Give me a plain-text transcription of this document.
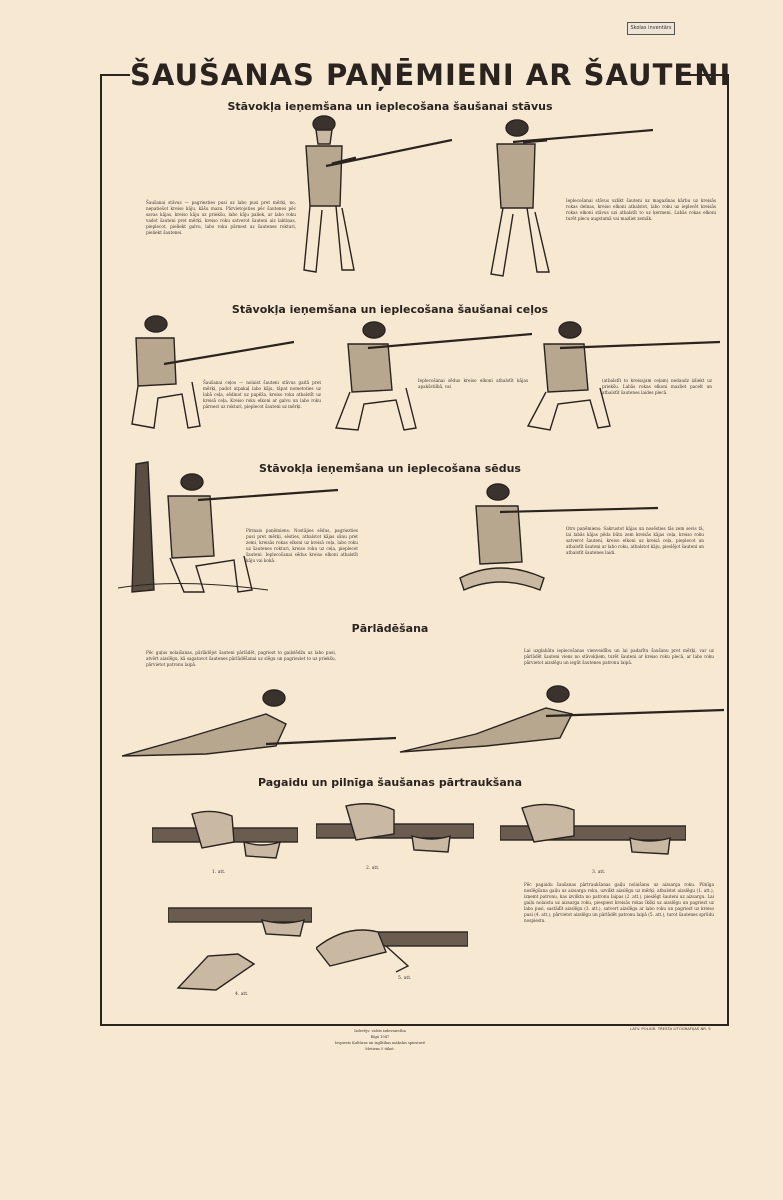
Skolas inventārs
ŠAUŠANAS PAŅĒMIENI AR ŠAUTENI
Stāvokļa ieņemšana un ieplecošana šaušanai stāvus
Šaušanai stāvus — pagriezties pusi uz labo pusi pret mērķi, no, nepatiešot kreiso kāju, kāšu mazu. Pārvietojoties pēc šautenes pēc savas kājas, kreiso kāju uz priekšu, labo kāju paliek, ar labo roku vadot šauteni pret mērķi, kreiso roku satverot šauteni aiz laktiņas, pieplecot, pieliekt galvu, labo roku pārnest uz šautenes rokturi, pieliekt šautenei.
Ieplecošanai stāvus uzlikt šauteni uz magazīnas kārbu uz kreisās rokas delnas, kreiso elkoni atbalstot, labo roku uz ieplecēt kreisās rokas elkoni stāvus uzi atbalstīt to uz ķermeni. Labās rokas elkoni turēt plecu augstumā vai mazliet zemāk.
Stāvokļa ieņemšana un ieplecošana šaušanai ceļos
Šaušanai ceļos — nolaist šauteni stāvus gaitā pret mērķi, padot atpakaļ labo kāju, tāpat nometoties uz labā ceļa, sēdinot uz papēža, kreiso roku atbalstīt uz kreisā ceļa. Kreiso roku elkoni ar galvu un labo roku pārnest uz rokturi, pieplecot šauteni uz mērķi.
Ieplecošanai sēdus kreiso elkoni atbalstīt kājas apakšstilbā, vai
(atbalstīt to kreisajam ceļam) nedaudz izliekt uz priekšu. Labās rokas elkoni mazliet pacelt un atbalstīt šautenes laides plecā.
Stāvokļa ieņemšana un ieplecošana sēdus
Pirmais paņēmiens: Nostājies sēdus, pagriezties pusi pret mērķi, sēsties, atbalstot kājas sānu pret zemi, kreisās rokas elkoni uz kreisā ceļa, labo roku uz šautenes rokturi, kreiso roku uz ceļa, pieplecot šauteni. Ieplecošanai sēdus kreiso elkoni atbalstīt kāju vai kokā.
Otrs paņēmiens: Sakrustot kājas un nosēsties tās zem sevis tā, lai labās kājas pēda būtu zem kreisās kājas ceļa, kreiso roku satverot šauteni, kreiso elkoni uz kreisā ceļa, pieplecot un atbalstīt šauteni ar labo roku, atbalstot kāju, pieslējot šauteni un atbalstīt šautenes laidi.
Pārlādēšana
Pēc guļus nolaišanas, pārlādējot šauteni pārlādēt, pagriezt to gaiļslēdžu uz labo pusi, atvērt aizslēgu, kā sagatavot šautenes pārlādēšanai uz slēgu un pagrieziet to uz priekšu, pārvietot patronu laipā.
Lai uzglabātu ieplecošanas vienveidību un lai padarītu šaušanu pret mērķi, var uz pārlādēt šauteni viens no stāvokļiem, turēt šauteni ar kreiso roku plecā, ar labo roku pārvietot aizslēgu un iegūt šautenes patronu laipā.
Pagaidu un pilnīga šaušanas pārtraukšana
1. att.
2. att.
3. att.
4. att.
5. att.
Pēc pagaidu šaušanas pārtraukšanas gaiļu nolaišanu uz aizsarga roku. Pilnīga noslēgšana gaiļu uz aizsarga roku, uzvilkt aizslēgu uz mērķi, atbalstot aizslēgu (1. att.), izņemt patronu, kas izvilkta no patronu laipas (2. att.), pieslēgt šauteni uz aizsargu. Lai gaiļu nolaistu uz aizsarga roku, piespiest kreisās rokas īkšķi uz aizslēgu un pagriezt uz labo pusi, sastādīt aizslēgu (3. att.), satvert aizslēgu ar labo roku un pagriezt uz kreiso pusi (4. att.), pārvietot aizslēgu un pārlādēt patronu laipā (5. att.), turot šautenes sprūdu nospiestu.
Izdevējs: valsts izdevniecība
Rīgā 1947
Iespiests Kultūras un izglītības mākslas spiestuvē
Metiens 5 tūkst.
LATV. POLIGR. TRESTA LITOGRAFIJAS NR. 5
